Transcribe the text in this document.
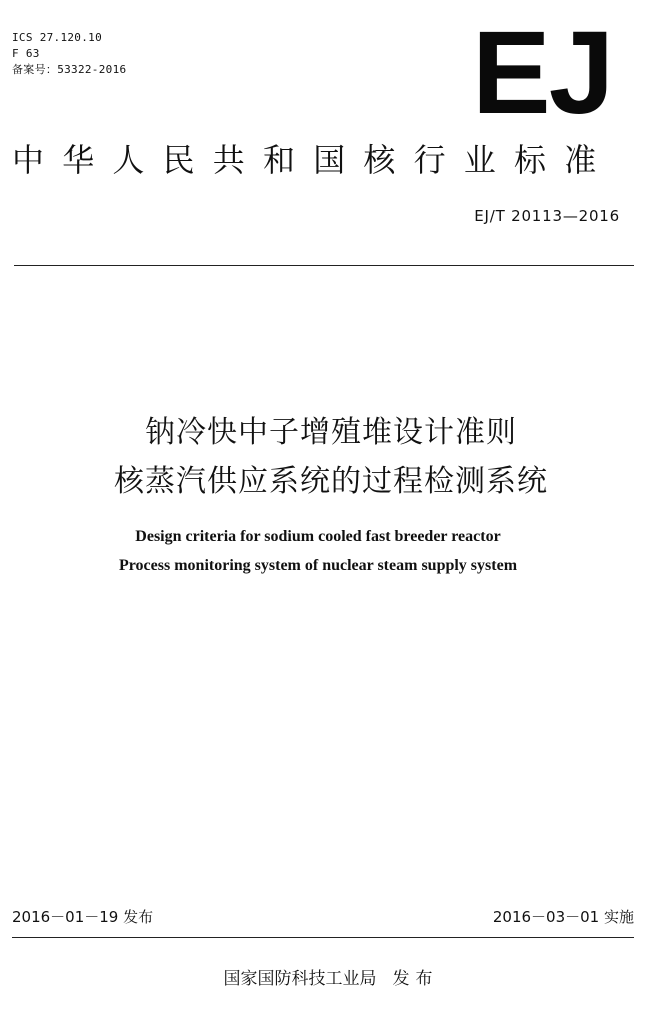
ICS 27.120.10
F 63
备案号：53322-2016	EJ
中华人民共和国核行业标准
EJ/T 20113—2016
钠冷快中子增殖堆设计准则
核蒸汽供应系统的过程检测系统
Design criteria for sodium cooled fast breeder reactor
Process monitoring system of nuclear steam supply system
2016－01－19 发布	2016－03－01 实施
国家国防科技工业局 发布
